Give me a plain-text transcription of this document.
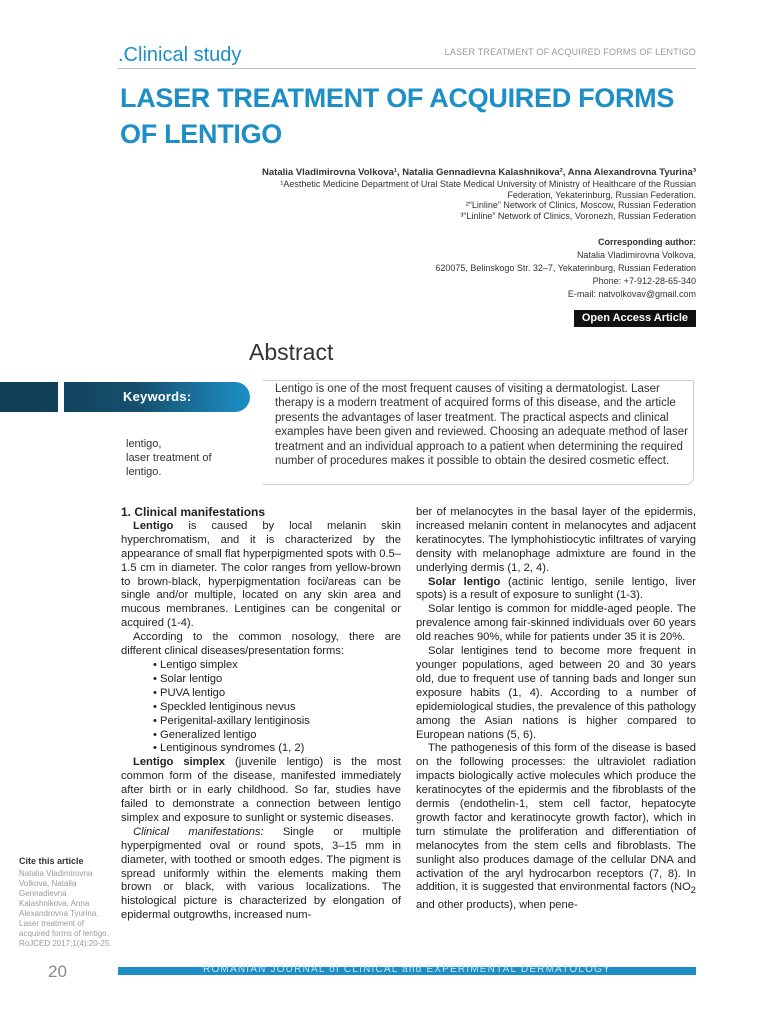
.Clinical study	LASER TREATMENT OF ACQUIRED FORMS OF LENTIGO
LASER TREATMENT OF ACQUIRED FORMS OF LENTIGO
Natalia Vladimirovna Volkova¹, Natalia Gennadievna Kalashnikova², Anna Alexandrovna Tyurina³
¹Aesthetic Medicine Department of Ural State Medical University of Ministry of Healthcare of the Russian Federation, Yekaterinburg, Russian Federation.
²“Linline” Network of Clinics, Moscow, Russian Federation
³“Linline” Network of Clinics, Voronezh, Russian Federation
Corresponding author:
Natalia Vladimirovna Volkova,
620075, Belinskogo Str. 32–7, Yekaterinburg, Russian Federation
Phone: +7-912-28-65-340
E-mail: natvolkovav@gmail.com
Open Access Article
Abstract
Keywords:
lentigo,
laser treatment of
lentigo.
Lentigo is one of the most frequent causes of visiting a dermatologist. Laser therapy is a modern treatment of acquired forms of this disease, and the article presents the advantages of laser treatment. The practical aspects and clinical examples have been given and reviewed. Choosing an adequate method of laser treatment and an individual approach to a patient when determining the required number of procedures makes it possible to obtain the desired cosmetic effect.

1. Clinical manifestations

Lentigo is caused by local melanin skin hyperchromatism, and it is characterized by the appearance of small flat hyperpigmented spots with 0.5–1.5 cm in diameter. The color ranges from yellow-brown to brown-black, hyperpigmentation foci/areas can be single and/or multiple, located on any skin area and mucous membranes. Lentigines can be congenital or acquired (1-4).

According to the common nosology, there are different clinical diseases/presentation forms:

• Lentigo simplex
• Solar lentigo
• PUVA lentigo
• Speckled lentiginous nevus
• Perigenital-axillary lentiginosis
• Generalized lentigo
• Lentiginous syndromes (1, 2)

Lentigo simplex (juvenile lentigo) is the most common form of the disease, manifested immediately after birth or in early childhood. So far, studies have failed to demonstrate a connection between lentigo simplex and exposure to sunlight or systemic diseases.

Clinical manifestations: Single or multiple hyperpigmented oval or round spots, 3–15 mm in diameter, with toothed or smooth edges. The pigment is spread uniformly within the elements making them brown or black, with various localizations. The histological picture is characterized by elongation of epidermal outgrowths, increased num-

ber of melanocytes in the basal layer of the epidermis, increased melanin content in melanocytes and adjacent keratinocytes. The lymphohistiocytic infiltrates of varying density with melanophage admixture are found in the underlying dermis (1, 2, 4).

Solar lentigo (actinic lentigo, senile lentigo, liver spots) is a result of exposure to sunlight (1-3).

Solar lentigo is common for middle-aged people. The prevalence among fair-skinned individuals over 60 years old reaches 90%, while for patients under 35 it is 20%.

Solar lentigines tend to become more frequent in younger populations, aged between 20 and 30 years old, due to frequent use of tanning bads and longer sun exposure habits (1, 4). According to a number of epidemiological studies, the prevalence of this pathology among the Asian nations is higher compared to European nations (5, 6).

The pathogenesis of this form of the disease is based on the following processes: the ultraviolet radiation impacts biologically active molecules which produce the keratinocytes of the epidermis and the fibroblasts of the dermis (endothelin-1, stem cell factor, hepatocyte growth factor and keratinocyte growth factor), which in turn stimulate the proliferation and differentiation of melanocytes from the stem cells and fibroblasts. The sunlight also produces damage of the cellular DNA and activation of the aryl hydrocarbon receptors (7, 8). In addition, it is suggested that environmental factors ($NO_2$ and other products), when pene-

Cite this article
Natalia Vladimirovna Volkova, Natalia Gennadievna Kalashnikova, Anna Alexandrovna Tyurina. Laser treatment of acquired forms of lentigo. RoJCED 2017;1(4):20-25.
20	ROMANIAN JOURNAL of CLINICAL and EXPERIMENTAL DERMATOLOGY
